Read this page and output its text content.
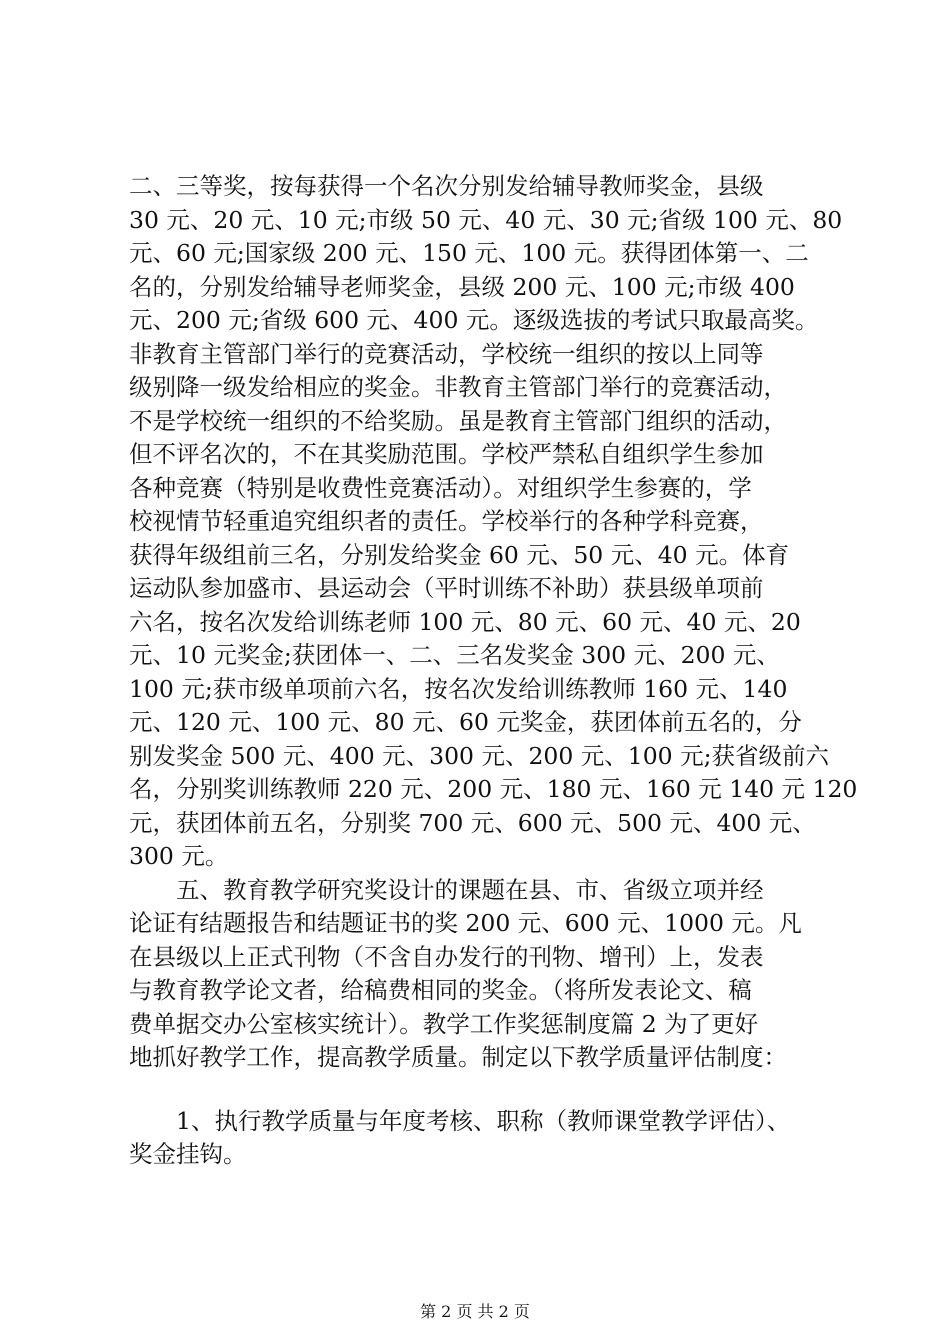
二、三等奖，按每获得一个名次分别发给辅导教师奖金，县级
30 元、20 元、10 元;市级 50 元、40 元、30 元;省级 100 元、80
元、60 元;国家级 200 元、150 元、100 元。获得团体第一、二
名的，分别发给辅导老师奖金，县级 200 元、100 元;市级 400
元、200 元;省级 600 元、400 元。逐级选拔的考试只取最高奖。
非教育主管部门举行的竞赛活动，学校统一组织的按以上同等
级别降一级发给相应的奖金。非教育主管部门举行的竞赛活动，
不是学校统一组织的不给奖励。虽是教育主管部门组织的活动，
但不评名次的，不在其奖励范围。学校严禁私自组织学生参加
各种竞赛（特别是收费性竞赛活动）。对组织学生参赛的，学
校视情节轻重追究组织者的责任。学校举行的各种学科竞赛，
获得年级组前三名，分别发给奖金 60 元、50 元、40 元。体育
运动队参加盛市、县运动会（平时训练不补助）获县级单项前
六名，按名次发给训练老师 100 元、80 元、60 元、40 元、20
元、10 元奖金;获团体一、二、三名发奖金 300 元、200 元、
100 元;获市级单项前六名，按名次发给训练教师 160 元、140
元、120 元、100 元、80 元、60 元奖金，获团体前五名的，分
别发奖金 500 元、400 元、300 元、200 元、100 元;获省级前六
名，分别奖训练教师 220 元、200 元、180 元、160 元 140 元 120
元，获团体前五名，分别奖 700 元、600 元、500 元、400 元、
300 元。
　　五、教育教学研究奖设计的课题在县、市、省级立项并经
论证有结题报告和结题证书的奖 200 元、600 元、1000 元。凡
在县级以上正式刊物（不含自办发行的刊物、增刊）上，发表
与教育教学论文者，给稿费相同的奖金。（将所发表论文、稿
费单据交办公室核实统计）。教学工作奖惩制度篇 2 为了更好
地抓好教学工作，提高教学质量。制定以下教学质量评估制度：
　　1、执行教学质量与年度考核、职称（教师课堂教学评估）、
奖金挂钩。
第 2 页 共 2 页
